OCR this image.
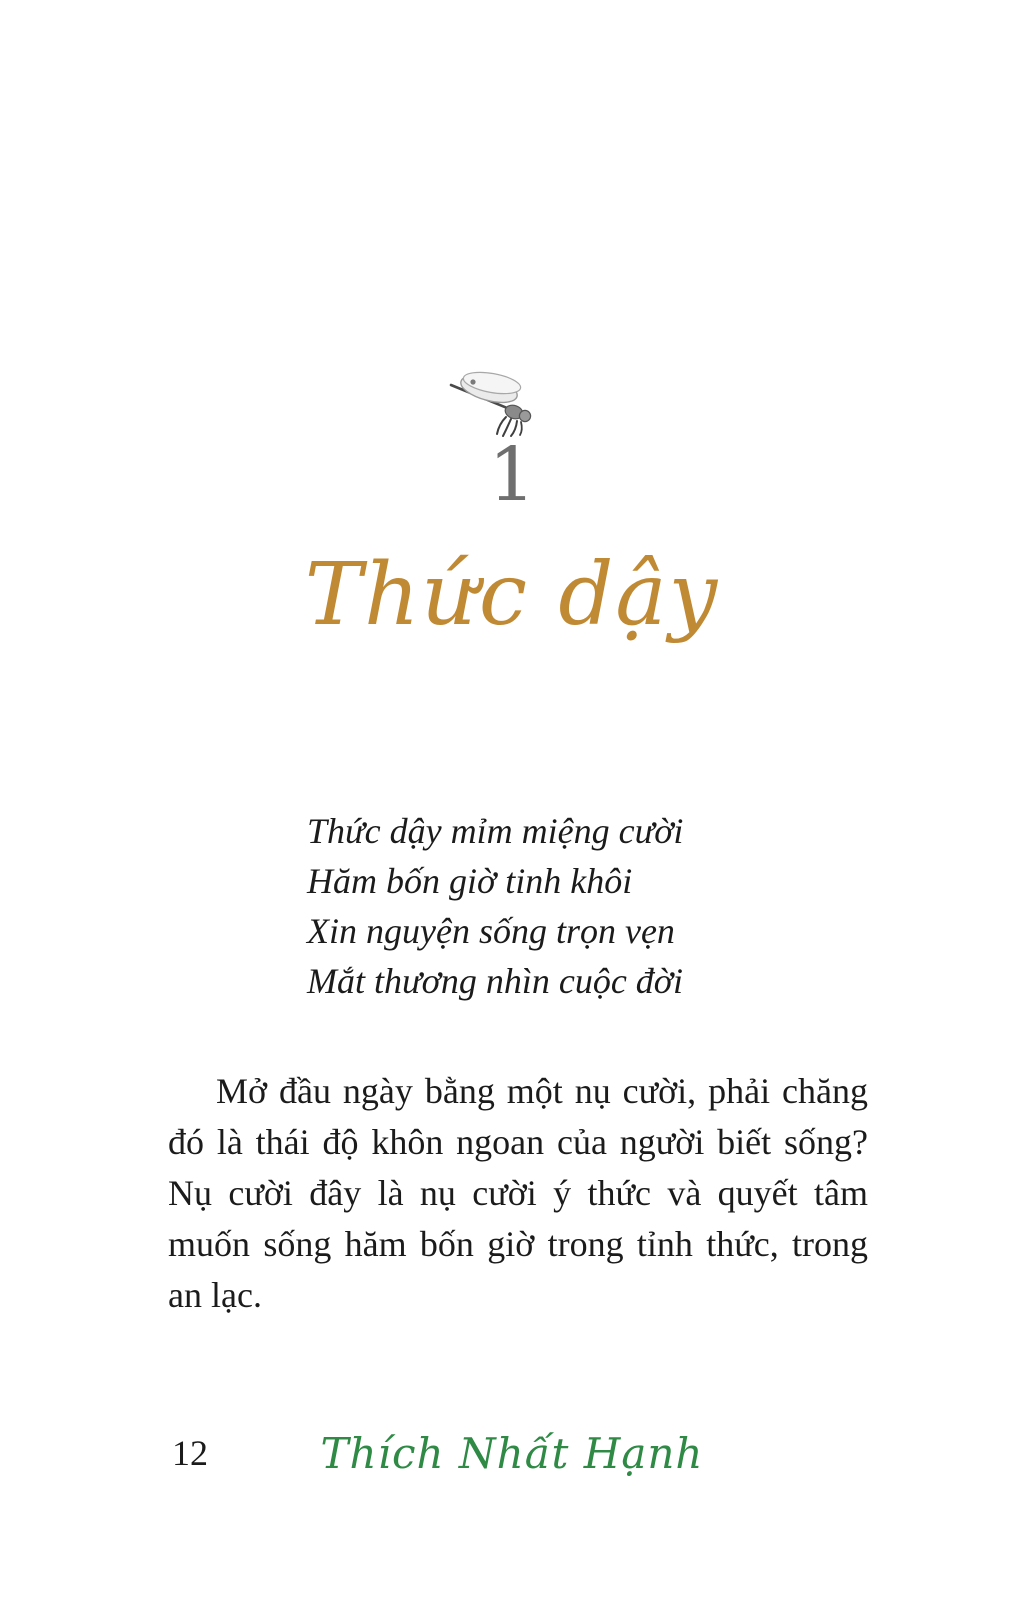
1
Thức dậy
Thức dậy mỉm miệng cười
Hăm bốn giờ tinh khôi
Xin nguyện sống trọn vẹn
Mắt thương nhìn cuộc đời

Mở đầu ngày bằng một nụ cười, phải chăng đó là thái độ khôn ngoan của người biết sống? Nụ cười đây là nụ cười ý thức và quyết tâm muốn sống hăm bốn giờ trong tỉnh thức, trong an lạc.

12	Thích Nhất Hạnh
